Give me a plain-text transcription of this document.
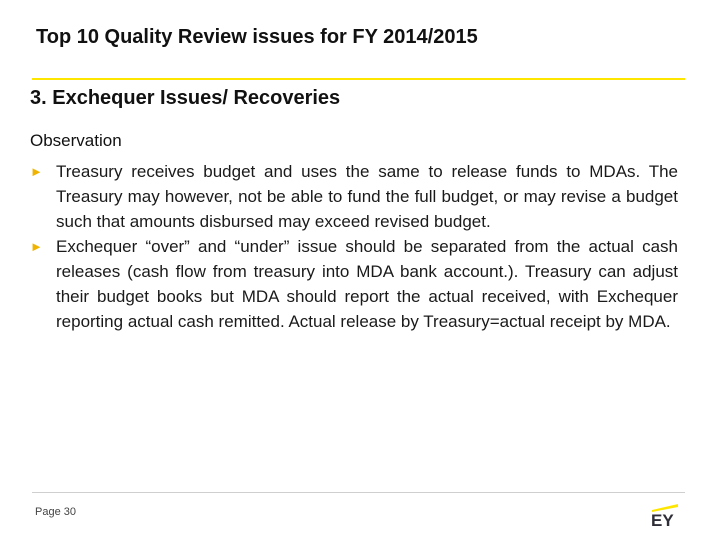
Top 10 Quality Review issues for FY 2014/2015
3. Exchequer Issues/ Recoveries
Observation
► Treasury receives budget and uses the same to release funds to MDAs. The Treasury may however, not be able to fund the full budget, or may revise a budget such that amounts disbursed may exceed revised budget.
► Exchequer “over” and “under” issue should be separated from the actual cash releases (cash flow from treasury into MDA bank account.). Treasury can adjust their budget books but MDA should report the actual received, with Exchequer reporting actual cash remitted. Actual release by Treasury=actual receipt by MDA.
Page 30	EY
